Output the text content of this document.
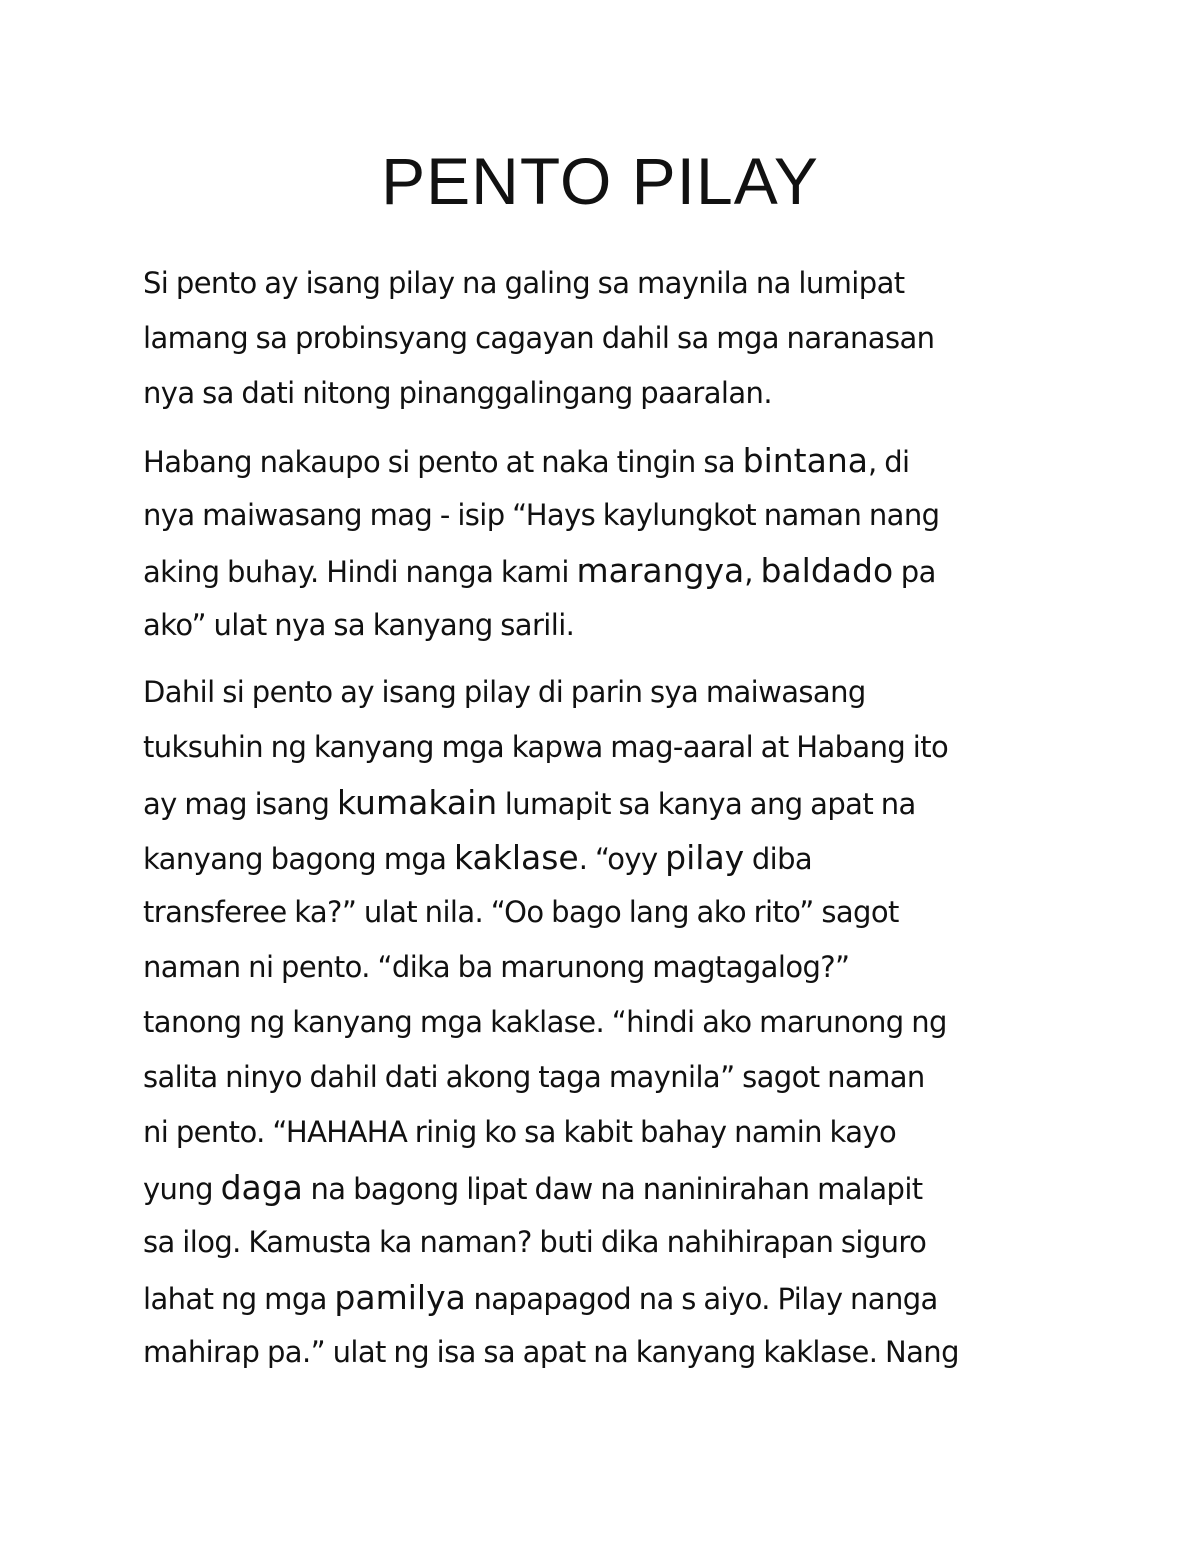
PENTO PILAY

Si pento ay isang pilay na galing sa maynila na lumipat
lamang sa probinsyang cagayan dahil sa mga naranasan
nya sa dati nitong pinanggalingang paaralan.

Habang nakaupo si pento at naka tingin sa bintana, di
nya maiwasang mag - isip “Hays kaylungkot naman nang
aking buhay. Hindi nanga kami marangya, baldado pa
ako” ulat nya sa kanyang sarili.

Dahil si pento ay isang pilay di parin sya maiwasang
tuksuhin ng kanyang mga kapwa mag-aaral at Habang ito
ay mag isang kumakain lumapit sa kanya ang apat na
kanyang bagong mga kaklase. “oyy pilay diba
transferee ka?” ulat nila. “Oo bago lang ako rito” sagot
naman ni pento. “dika ba marunong magtagalog?”
tanong ng kanyang mga kaklase. “hindi ako marunong ng
salita ninyo dahil dati akong taga maynila” sagot naman
ni pento. “HAHAHA rinig ko sa kabit bahay namin kayo
yung daga na bagong lipat daw na naninirahan malapit
sa ilog. Kamusta ka naman? buti dika nahihirapan siguro
lahat ng mga pamilya napapagod na s aiyo. Pilay nanga
mahirap pa.” ulat ng isa sa apat na kanyang kaklase. Nang
